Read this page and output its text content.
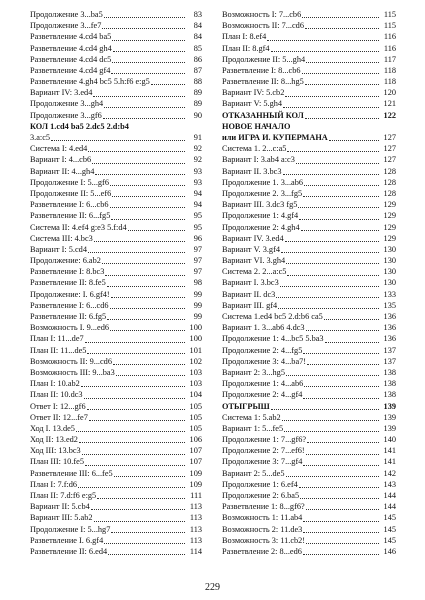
Продолжение 3...ba5	83
Продолжение 3...fe7	84
Разветвление 4.cd4 ba5	84
Разветвление 4.cd4 gh4	85
Разветвление 4.cd4 dc5	86
Разветвление 4.cd4 gf4	87
Разветвление 4.gh4 bc5 5.h:f6 e:g5	88
Вариант IV: 3.ed4	89
Продолжение 3...gh4	89
Продолжение 3...gf6	90
КОЛ 1.cd4 ba5 2.dc5 2.d:b4
3.a:c5	91
Система I: 4.ed4	92
Вариант I: 4...cb6	92
Вариант II: 4...gh4	93
Продолжение I: 5...gf6	93
Продолжение II: 5...ef6	94
Разветвление I: 6...cb6	94
Разветвление II: 6...fg5	95
Система II: 4.ef4 g:e3 5.f:d4	95
Система III: 4.bc3	96
Вариант I: 5.cd4	97
Продолжение: 6.ab2	97
Разветвление I: 8.bc3	97
Разветвление II: 8.fe5	98
Продолжение: I. 6.gf4!	99
Разветвление I: 6...cd6	99
Разветвление II: 6.fg5	99
Возможность I. 9...ed6	100
План I: 11...de7	100
План II: 11...de5	101
Возможность II: 9...cd6	102
Возможность III: 9...ba3	103
План I: 10.ab2	103
План II: 10.dc3	104
Ответ I: 12...gf6	105
Ответ II: 12...fe7	105
Ход I. 13.de5	105
Ход II: 13.ed2	106
Ход III: 13.bc3	107
План III: 10.fe5	107
Разветвление III: 6...fe5	109
План I: 7.f:d6	109
План II: 7.d:f6 e:g5	111
Вариант II: 5.cb4	113
Вариант III: 5.ab2	113
Продолжение I: 5...hg7	113
Разветвление I. 6.gf4	113
Разветвление II: 6.ed4	114
Возможность I: 7...cb6	115
Возможность II: 7...cd6	115
План I: 8.ef4	116
План II: 8.gf4	116
Продолжение II: 5...gh4	117
Разветвление I: 8...cb6	118
Разветвление II: 8...hg5	118
Вариант IV: 5.cb2	120
Вариант V: 5.gh4	121
ОТКАЗАННЫЙ КОЛ	122
НОВОЕ НАЧАЛО
или ИГРА И. КУПЕРМАНА	127
Система 1. 2...c:a5	127
Вариант I: 3.ab4 a:c3	127
Вариант II. 3.bc3	128
Продолжение 1. 3...ab6	128
Продолжение 2. 3...fg5	128
Вариант III. 3.dc3 fg5	129
Продолжение 1: 4.gf4	129
Продолжение 2: 4.gh4	129
Вариант IV. 3.ed4	129
Вариант V. 3.gf4	130
Вариант VI. 3.gh4	130
Система 2. 2...a:c5	130
Вариант I. 3.bc3	130
Вариант II. dc3	133
Вариант III. gf4	135
Система 1.ed4 bc5 2.d:b6 ca5	136
Вариант 1. 3...ab6 4.dc3	136
Продолжение 1: 4...bc5 5.ba3	136
Продолжение 2: 4...fg5	137
Продолжение 3: 4...ba7!	137
Вариант 2: 3...hg5	138
Продолжение 1: 4...ab6	138
Продолжение 2: 4...gf4	138
ОТЫГРЫШ	139
Система 1: 5.ab2	139
Вариант 1: 5...fe5	139
Продолжение 1: 7...gf6?	140
Продолжение 2: 7...ef6!	141
Продолжение 3: 7...gf4	141
Вариант 2: 5...de5	142
Продолжение 1: 6.ef4	143
Продолжение 2: 6.ba5	144
Разветвление 1: 8...gf6?	144
Возможность 1: 11.ab4	145
Возможность 2: 11.de3	145
Возможность 3: 11.cb2!	145
Разветвление 2: 8...ed6	146
229
